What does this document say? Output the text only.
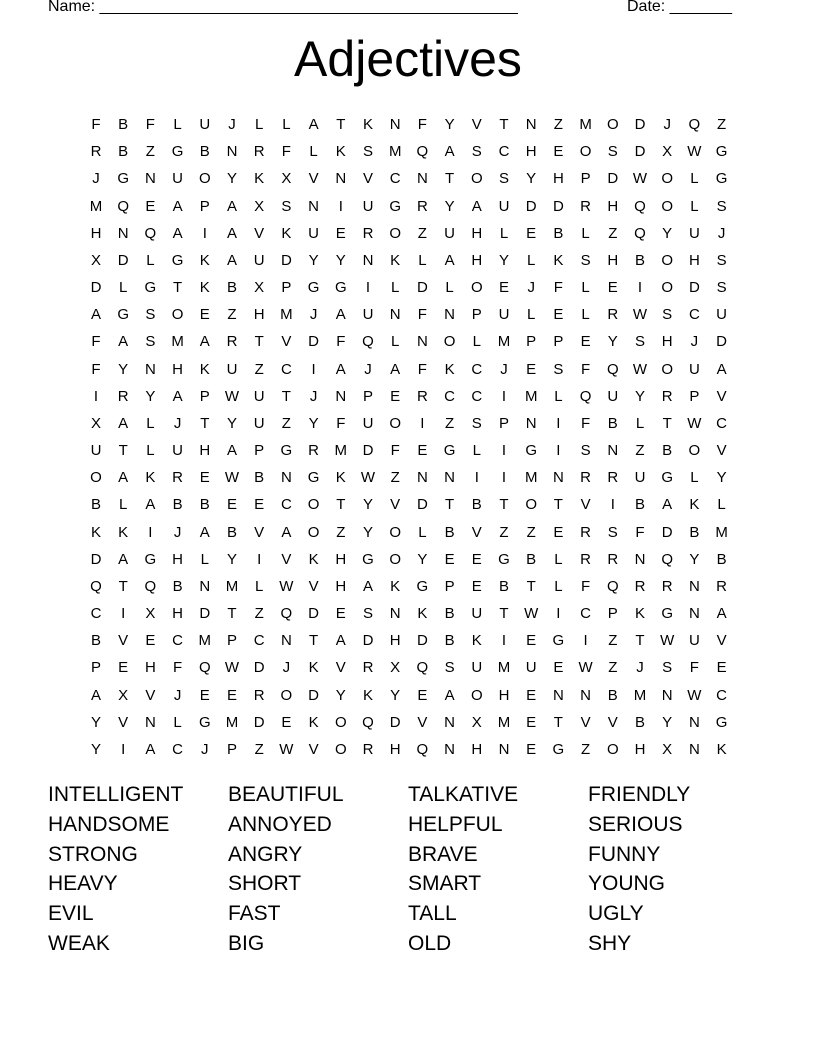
Name: _______________________________________________	Date: _______
Adjectives
F	B	F	L	U	J	L	L	A	T	K	N	F	Y	V	T	N	Z	M O	D	J	Q	Z
R	B	Z	G	B	N	R	F	L	K	S	M Q	A	S	C	H	E	O	S	D	X	W G
J	G	N	U	O	Y	K	X	V	N	V	C	N	T	O	S	Y	H	P	D W O	L	G
M Q	E	A	P	A	X	S	N	I	U	G	R	Y	A	U	D	D	R	H	Q O	L	S
H	N	Q	A	I	A	V	K	U	E	R	O	Z	U	H	L	E	B	L	Z	Q	Y	U	J
X	D	L	G	K	A	U	D	Y	Y	N	K	L	A	H	Y	L	K	S	H	B	O	H	S
D	L	G	T	K	B	X	P	G G	I	L	D	L	O	E	J	F	L	E	I	O	D	S
A	G	S	O	E	Z	H	M	J	A	U	N	F	N	P	U	L	E	L	R W	S	C	U
F	A	S	M	A	R	T	V	D	F	Q	L	N	O	L	M	P	P	E	Y	S	H	J	D
F	Y	N	H	K	U	Z	C	I	A	J	A	F	K	C	J	E	S	F	Q W O	U	A
I	R	Y	A	P	W U	T	J	N	P	E	R	C	C	I	M	L	Q	U	Y	R	P	V
X	A	L	J	T	Y	U	Z	Y	F	U	O	I	Z	S	P	N	I	F	B	L	T	W C
U	T	L	U	H	A	P	G	R	M	D	F	E	G	L	I	G	I	S	N	Z	B	O	V
O	A	K	R	E	W	B	N	G	K	W	Z	N	N	I	I	M	N	R	R	U	G	L	Y
B	L	A	B	B	E	E	C	O	T	Y	V	D	T	B	T	O	T	V	I	B	A	K	L
K	K	I	J	A	B	V	A	O	Z	Y	O	L	B	V	Z	Z	E	R	S	F	D	B	M
D	A	G	H	L	Y	I	V	K	H	G O	Y	E	E	G	B	L	R	R	N	Q	Y	B
Q	T	Q	B	N	M	L	W	V	H	A	K	G	P	E	B	T	L	F	Q	R	R	N	R
C	I	X	H	D	T	Z	Q	D	E	S	N	K	B	U	T	W	I	C	P	K	G	N	A
B	V	E	C	M	P	C	N	T	A	D	H	D	B	K	I	E	G	I	Z	T	W U	V
P	E	H	F	Q W D	J	K	V	R	X	Q	S	U	M	U	E	W	Z	J	S	F	E
A	X	V	J	E	E	R	O	D	Y	K	Y	E	A	O	H	E	N	N	B	M	N W C
Y	V	N	L	G M	D	E	K	O Q	D	V	N	X	M	E	T	V	V	B	Y	N	G
Y	I	A	C	J	P	Z	W	V	O	R	H	Q	N	H	N	E	G	Z	O	H	X	N	K
INTELLIGENT	BEAUTIFUL	TALKATIVE	FRIENDLY
HANDSOME	ANNOYED	HELPFUL	SERIOUS
STRONG	ANGRY	BRAVE	FUNNY
HEAVY	SHORT	SMART	YOUNG
EVIL	FAST	TALL	UGLY
WEAK	BIG	OLD	SHY
